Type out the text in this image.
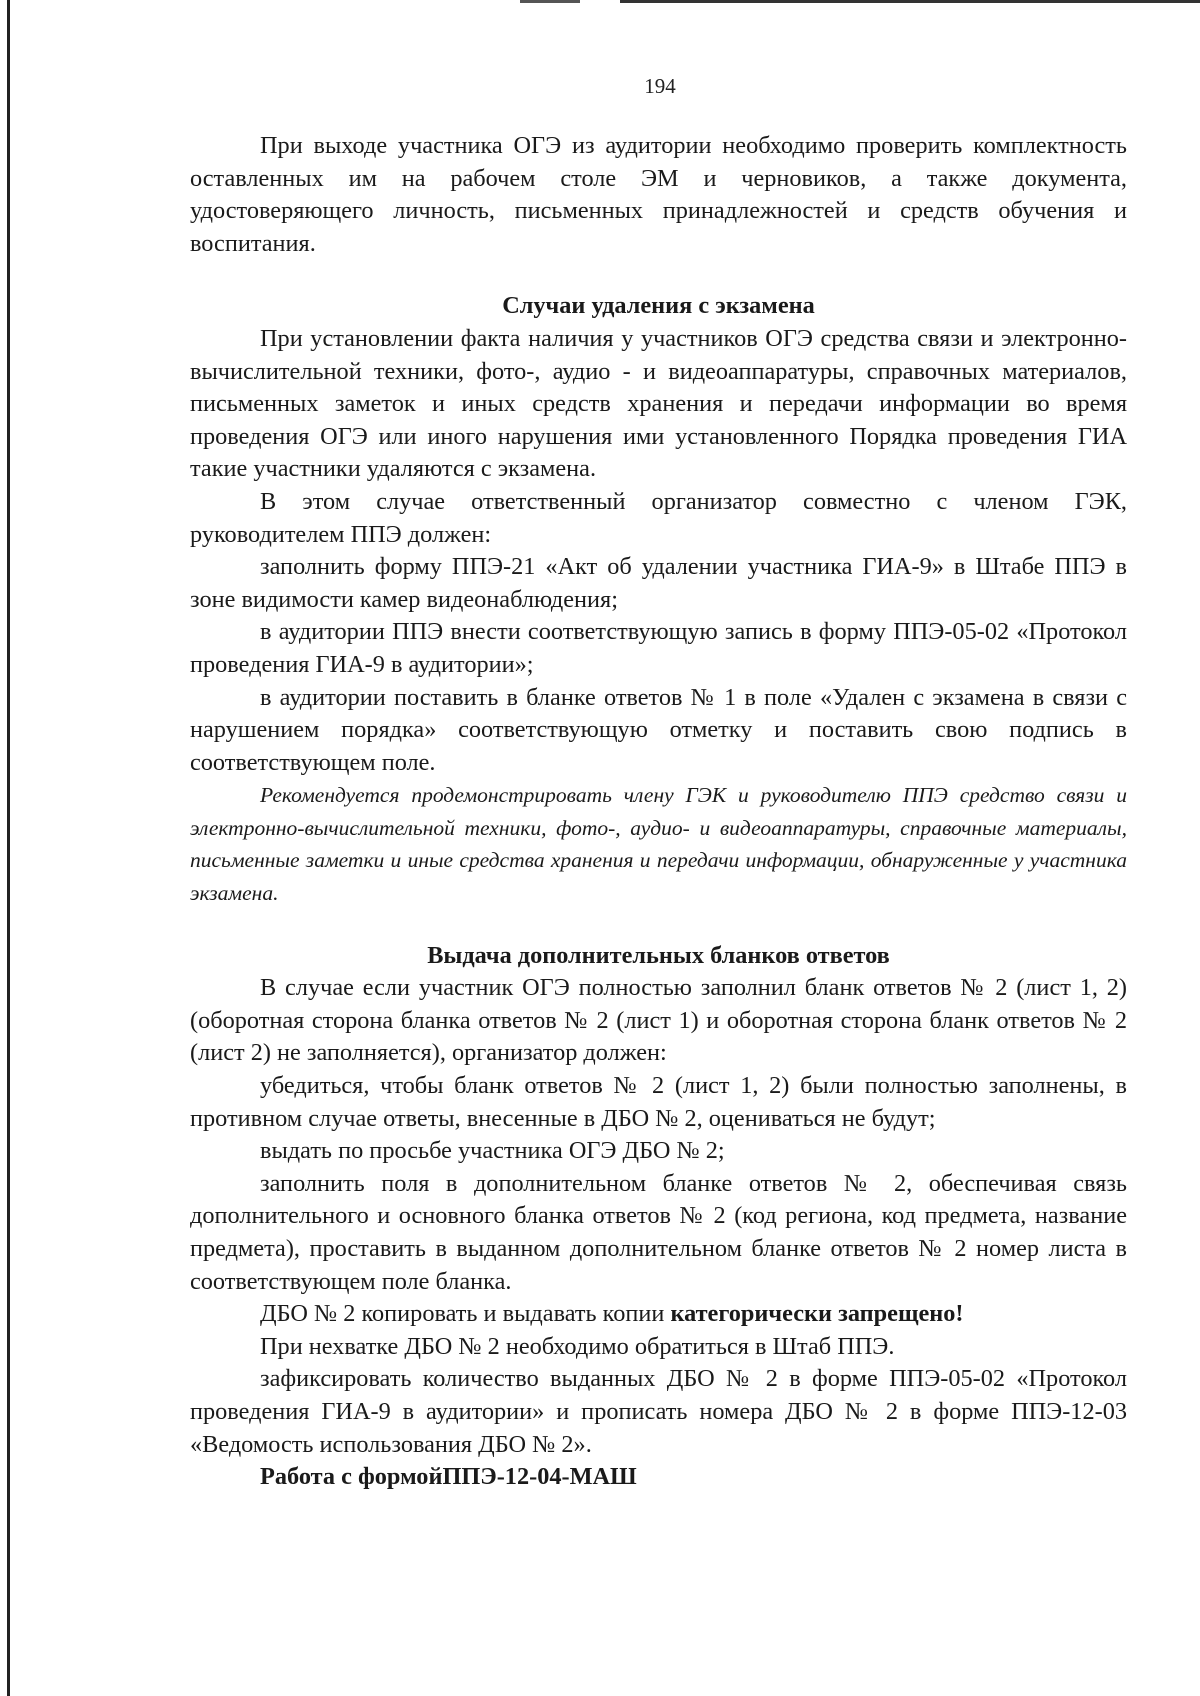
194

При выходе участника ОГЭ из аудитории необходимо проверить комплектность оставленных им на рабочем столе ЭМ и черновиков, а также документа, удостоверяющего личность, письменных принадлежностей и средств обучения и воспитания.

Случаи удаления с экзамена

При установлении факта наличия у участников ОГЭ средства связи и электронно-вычислительной техники, фото-, аудио - и видеоаппаратуры, справочных материалов, письменных заметок и иных средств хранения и передачи информации во время проведения ОГЭ или иного нарушения ими установленного Порядка проведения ГИА такие участники удаляются с экзамена.

В этом случае ответственный организатор совместно с членом ГЭК, руководителем ППЭ должен:

заполнить форму ППЭ-21 «Акт об удалении участника ГИА-9» в Штабе ППЭ в зоне видимости камер видеонаблюдения;

в аудитории ППЭ внести соответствующую запись в форму ППЭ-05-02 «Протокол проведения ГИА-9 в аудитории»;

в аудитории поставить в бланке ответов № 1 в поле «Удален с экзамена в связи с нарушением порядка» соответствующую отметку и поставить свою подпись в соответствующем поле.

Рекомендуется продемонстрировать члену ГЭК и руководителю ППЭ средство связи и электронно-вычислительной техники, фото-, аудио- и видеоаппаратуры, справочные материалы, письменные заметки и иные средства хранения и передачи информации, обнаруженные у участника экзамена.

Выдача дополнительных бланков ответов

В случае если участник ОГЭ полностью заполнил бланк ответов № 2 (лист 1, 2) (оборотная сторона бланка ответов № 2 (лист 1) и оборотная сторона бланк ответов № 2 (лист 2) не заполняется), организатор должен:

убедиться, чтобы бланк ответов № 2 (лист 1, 2) были полностью заполнены, в противном случае ответы, внесенные в ДБО № 2, оцениваться не будут;

выдать по просьбе участника ОГЭ ДБО № 2;

заполнить поля в дополнительном бланке ответов № 2, обеспечивая связь дополнительного и основного бланка ответов № 2 (код региона, код предмета, название предмета), проставить в выданном дополнительном бланке ответов № 2 номер листа в соответствующем поле бланка.

ДБО № 2 копировать и выдавать копии категорически запрещено!

При нехватке ДБО № 2 необходимо обратиться в Штаб ППЭ.

зафиксировать количество выданных ДБО № 2 в форме ППЭ-05-02 «Протокол проведения ГИА-9 в аудитории» и прописать номера ДБО № 2 в форме ППЭ-12-03 «Ведомость использования ДБО № 2».

Работа с формойППЭ-12-04-МАШ
